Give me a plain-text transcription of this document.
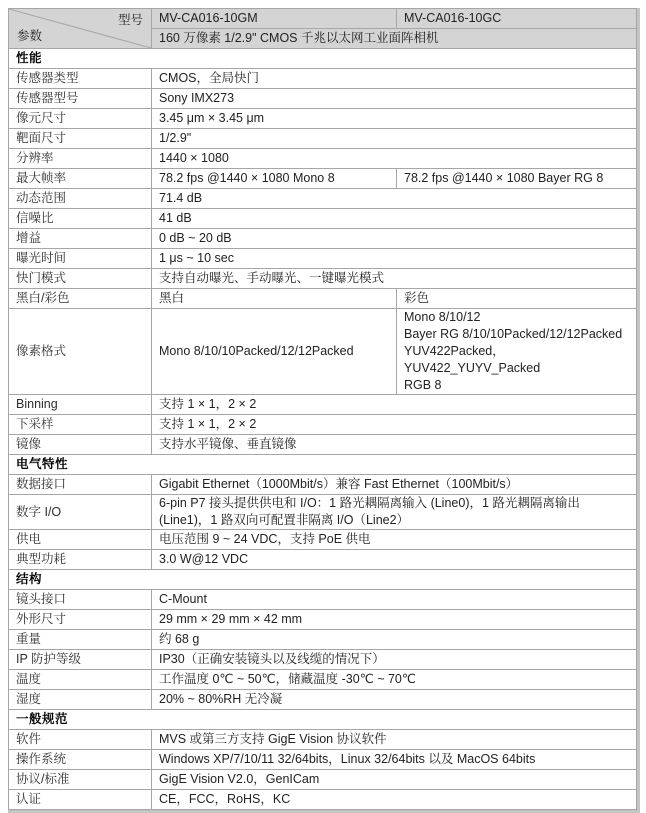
型号
参数	MV-CA016-10GM	MV-CA016-10GC
	160 万像素 1/2.9" CMOS 千兆以太网工业面阵相机	
性能		
传感器类型	CMOS，全局快门	
传感器型号	Sony IMX273	
像元尺寸	3.45 μm × 3.45 μm	
靶面尺寸	1/2.9"	
分辨率	1440 × 1080	
最大帧率	78.2 fps @1440 × 1080 Mono 8	78.2 fps @1440 × 1080 Bayer RG 8
动态范围	71.4 dB	
信噪比	41 dB	
增益	0 dB ~ 20 dB	
曝光时间	1 μs ~ 10 sec	
快门模式	支持自动曝光、手动曝光、一键曝光模式	
黑白/彩色	黑白	彩色
像素格式	Mono 8/10/10Packed/12/12Packed	Mono 8/10/12
Bayer RG 8/10/10Packed/12/12Packed
YUV422Packed，YUV422_YUYV_Packed
RGB 8

Binning	支持 1 × 1，2 × 2	
下采样	支持 1 × 1，2 × 2	
镜像	支持水平镜像、垂直镜像	
电气特性		
数据接口	Gigabit Ethernet（1000Mbit/s）兼容 Fast Ethernet（100Mbit/s）	
数字 I/O	6-pin P7 接头提供供电和 I/O：1 路光耦隔离输入 (Line0)，1 路光耦隔离输出 (Line1)，1 路双向可配置非隔离 I/O（Line2）	
供电	电压范围 9 ~ 24 VDC，支持 PoE 供电	
典型功耗	3.0 W@12 VDC	
结构		
镜头接口	C-Mount	
外形尺寸	29 mm × 29 mm × 42 mm	
重量	约 68 g	
IP 防护等级	IP30（正确安装镜头以及线缆的情况下）	
温度	工作温度 0℃ ~ 50℃，储藏温度 -30℃ ~ 70℃	
湿度	20% ~ 80%RH 无冷凝	
一般规范		
软件	MVS 或第三方支持 GigE Vision 协议软件	
操作系统	Windows XP/7/10/11 32/64bits，Linux 32/64bits 以及 MacOS 64bits	
协议/标准	GigE Vision V2.0，GenICam	
认证	CE，FCC，RoHS，KC	
